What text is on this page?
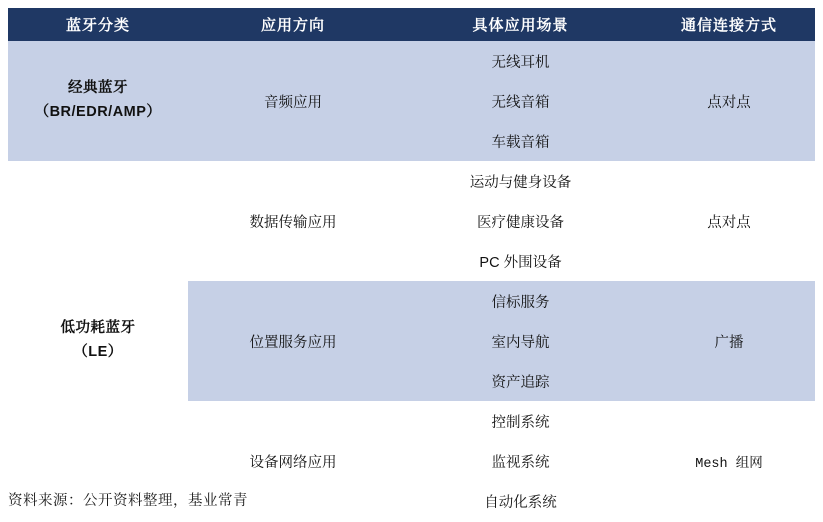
蓝牙分类	应用方向	具体应用场景	通信连接方式

经典蓝牙
（BR/EDR/AMP）	音频应用	无线耳机	点对点
		无线音箱	
		车载音箱	

低功耗蓝牙
（LE）	数据传输应用	运动与健身设备	点对点
		医疗健康设备	
		PC 外围设备	
	位置服务应用	信标服务	广播
		室内导航	
		资产追踪	
	设备网络应用	控制系统	Mesh 组网
		监视系统	
		自动化系统	
资料来源：公开资料整理，基业常青
